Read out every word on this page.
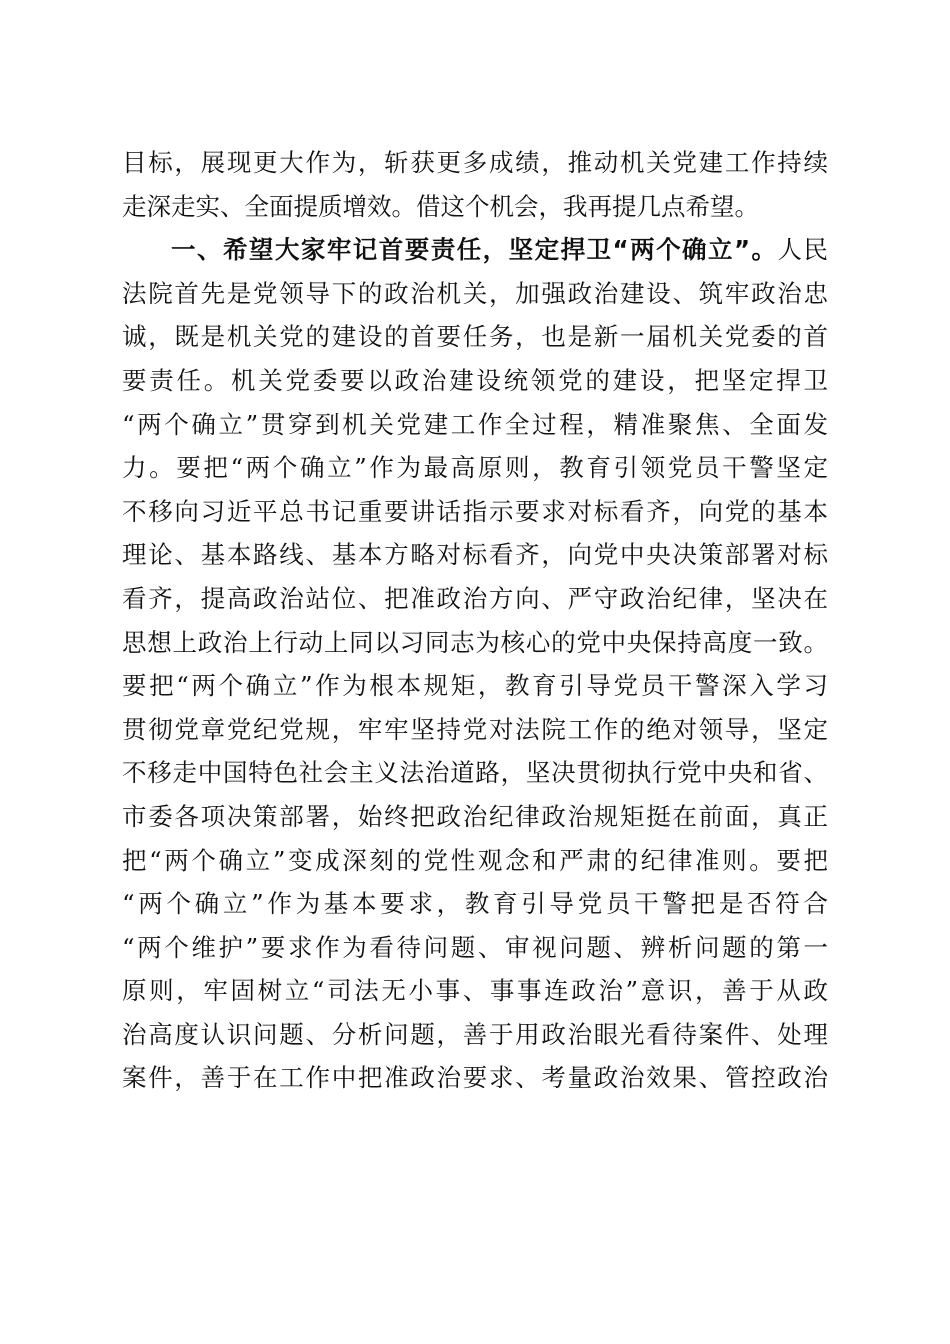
目标，展现更大作为，斩获更多成绩，推动机关党建工作持续
走深走实、全面提质增效。借这个机会，我再提几点希望。
一、希望大家牢记首要责任，坚定捍卫“两个确立”。人民
法院首先是党领导下的政治机关，加强政治建设、筑牢政治忠
诚，既是机关党的建设的首要任务，也是新一届机关党委的首
要责任。机关党委要以政治建设统领党的建设，把坚定捍卫
“两个确立”贯穿到机关党建工作全过程，精准聚焦、全面发
力。要把“两个确立”作为最高原则，教育引领党员干警坚定
不移向习近平总书记重要讲话指示要求对标看齐，向党的基本
理论、基本路线、基本方略对标看齐，向党中央决策部署对标
看齐，提高政治站位、把准政治方向、严守政治纪律，坚决在
思想上政治上行动上同以习同志为核心的党中央保持高度一致。
要把“两个确立”作为根本规矩，教育引导党员干警深入学习
贯彻党章党纪党规，牢牢坚持党对法院工作的绝对领导，坚定
不移走中国特色社会主义法治道路，坚决贯彻执行党中央和省、
市委各项决策部署，始终把政治纪律政治规矩挺在前面，真正
把“两个确立”变成深刻的党性观念和严肃的纪律准则。要把
“两个确立”作为基本要求，教育引导党员干警把是否符合
“两个维护”要求作为看待问题、审视问题、辨析问题的第一
原则，牢固树立“司法无小事、事事连政治”意识，善于从政
治高度认识问题、分析问题，善于用政治眼光看待案件、处理
案件，善于在工作中把准政治要求、考量政治效果、管控政治
